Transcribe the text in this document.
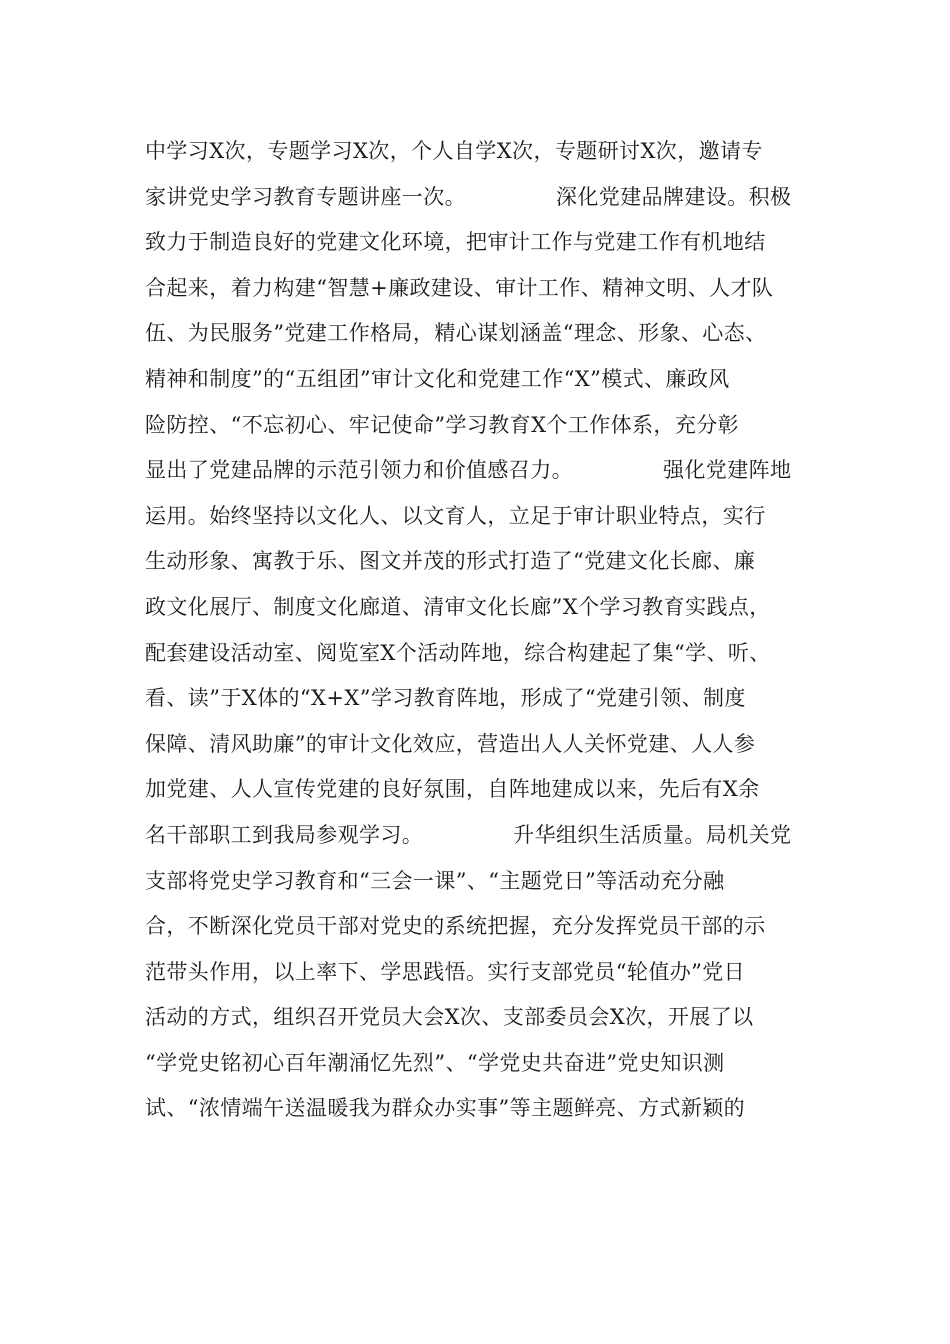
中学习X次，专题学习X次，个人自学X次，专题研讨X次，邀请专
家讲党史学习教育专题讲座一次。	深化党建品牌建设。积极
致力于制造良好的党建文化环境，把审计工作与党建工作有机地结
合起来，着力构建“智慧+廉政建设、审计工作、精神文明、人才队
伍、为民服务”党建工作格局，精心谋划涵盖“理念、形象、心态、
精神和制度”的“五组团”审计文化和党建工作“X”模式、廉政风
险防控、“不忘初心、牢记使命”学习教育X个工作体系，充分彰
显出了党建品牌的示范引领力和价值感召力。	强化党建阵地
运用。始终坚持以文化人、以文育人，立足于审计职业特点，实行
生动形象、寓教于乐、图文并茂的形式打造了“党建文化长廊、廉
政文化展厅、制度文化廊道、清审文化长廊”X个学习教育实践点，
配套建设活动室、阅览室X个活动阵地，综合构建起了集“学、听、
看、读”于X体的“X+X”学习教育阵地，形成了“党建引领、制度
保障、清风助廉”的审计文化效应，营造出人人关怀党建、人人参
加党建、人人宣传党建的良好氛围，自阵地建成以来，先后有X余
名干部职工到我局参观学习。	升华组织生活质量。局机关党
支部将党史学习教育和“三会一课”、“主题党日”等活动充分融
合，不断深化党员干部对党史的系统把握，充分发挥党员干部的示
范带头作用，以上率下、学思践悟。实行支部党员“轮值办”党日
活动的方式，组织召开党员大会X次、支部委员会X次，开展了以
“学党史铭初心百年潮涌忆先烈”、“学党史共奋进”党史知识测
试、“浓情端午送温暖我为群众办实事”等主题鲜亮、方式新颖的
